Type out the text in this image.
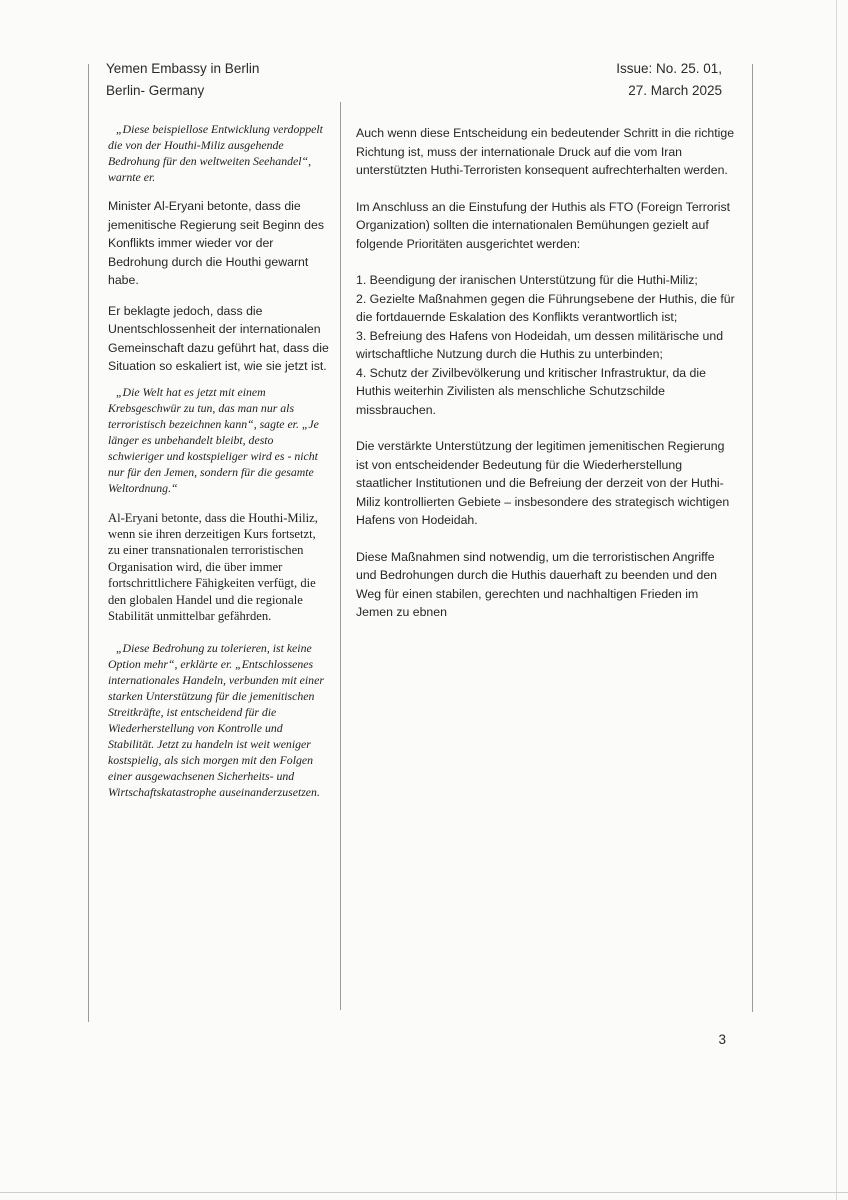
Yemen Embassy in Berlin
Berlin- Germany
Issue: No. 25. 01,
27. March 2025

„Diese beispiellose Entwicklung verdoppelt die von der Houthi-Miliz ausgehende Bedrohung für den weltweiten Seehandel“, warnte er.

Minister Al-Eryani betonte, dass die jemenitische Regierung seit Beginn des Konflikts immer wieder vor der Bedrohung durch die Houthi gewarnt habe.

Er beklagte jedoch, dass die Unentschlossenheit der internationalen Gemeinschaft dazu geführt hat, dass die Situation so eskaliert ist, wie sie jetzt ist.

„Die Welt hat es jetzt mit einem Krebsgeschwür zu tun, das man nur als terroristisch bezeichnen kann“, sagte er. „Je länger es unbehandelt bleibt, desto schwieriger und kostspieliger wird es - nicht nur für den Jemen, sondern für die gesamte Weltordnung.“

Al-Eryani betonte, dass die Houthi-Miliz, wenn sie ihren derzeitigen Kurs fortsetzt, zu einer transnationalen terroristischen Organisation wird, die über immer fortschrittlichere Fähigkeiten verfügt, die den globalen Handel und die regionale Stabilität unmittelbar gefährden.

„Diese Bedrohung zu tolerieren, ist keine Option mehr“, erklärte er. „Entschlossenes internationales Handeln, verbunden mit einer starken Unterstützung für die jemenitischen Streitkräfte, ist entscheidend für die Wiederherstellung von Kontrolle und Stabilität. Jetzt zu handeln ist weit weniger kostspielig, als sich morgen mit den Folgen einer ausgewachsenen Sicherheits- und Wirtschaftskatastrophe auseinanderzusetzen.

Auch wenn diese Entscheidung ein bedeutender Schritt in die richtige Richtung ist, muss der internationale Druck auf die vom Iran unterstützten Huthi-Terroristen konsequent aufrechterhalten werden.

Im Anschluss an die Einstufung der Huthis als FTO (Foreign Terrorist Organization) sollten die internationalen Bemühungen gezielt auf folgende Prioritäten ausgerichtet werden:

1. Beendigung der iranischen Unterstützung für die Huthi-Miliz;
2. Gezielte Maßnahmen gegen die Führungsebene der Huthis, die für die fortdauernde Eskalation des Konflikts verantwortlich ist;
3. Befreiung des Hafens von Hodeidah, um dessen militärische und wirtschaftliche Nutzung durch die Huthis zu unterbinden;
4. Schutz der Zivilbevölkerung und kritischer Infrastruktur, da die Huthis weiterhin Zivilisten als menschliche Schutzschilde missbrauchen.

Die verstärkte Unterstützung der legitimen jemenitischen Regierung ist von entscheidender Bedeutung für die Wiederherstellung staatlicher Institutionen und die Befreiung der derzeit von der Huthi-Miliz kontrollierten Gebiete – insbesondere des strategisch wichtigen Hafens von Hodeidah.

Diese Maßnahmen sind notwendig, um die terroristischen Angriffe und Bedrohungen durch die Huthis dauerhaft zu beenden und den Weg für einen stabilen, gerechten und nachhaltigen Frieden im Jemen zu ebnen

3
